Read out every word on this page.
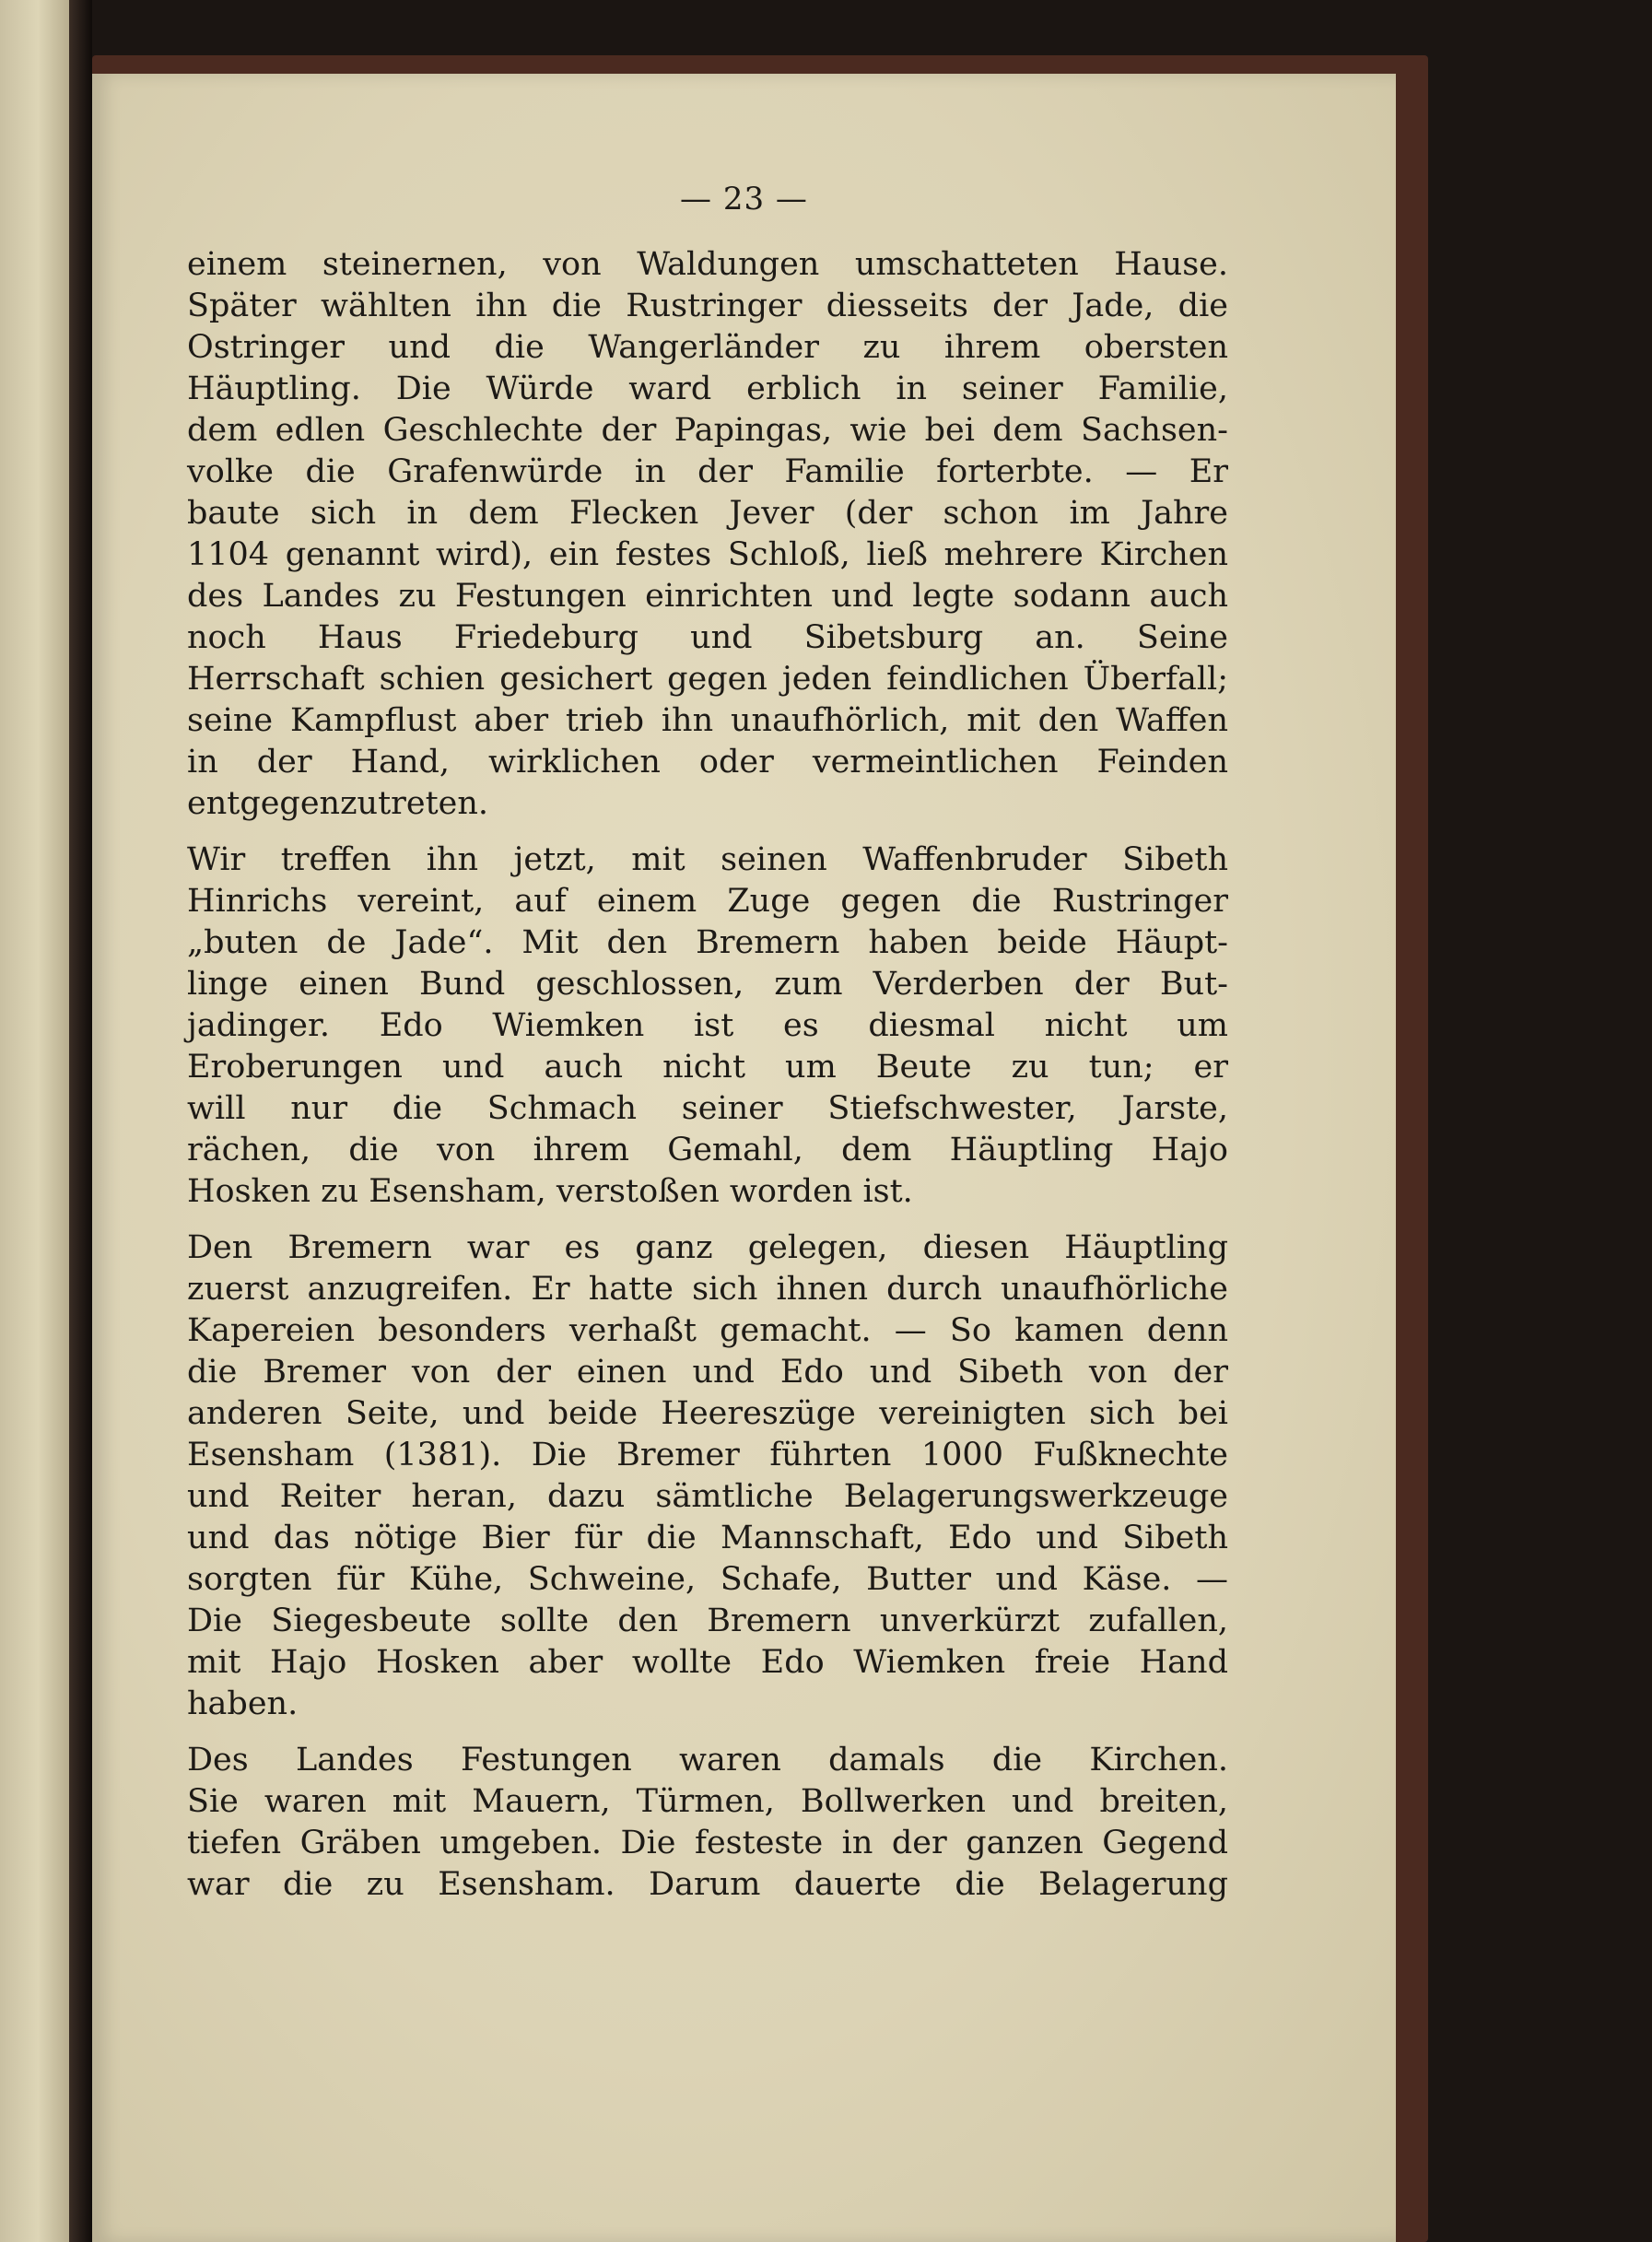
— 23 —

einem steinernen, von Waldungen umschatteten Hause.
Später wählten ihn die Rustringer diesseits der Jade, die
Ostringer und die Wangerländer zu ihrem obersten
Häuptling. Die Würde ward erblich in seiner Familie,
dem edlen Geschlechte der Papingas, wie bei dem Sachsen-
volke die Grafenwürde in der Familie forterbte. — Er
baute sich in dem Flecken Jever (der schon im Jahre
1104 genannt wird), ein festes Schloß, ließ mehrere Kirchen
des Landes zu Festungen einrichten und legte sodann auch
noch Haus Friedeburg und Sibetsburg an. Seine
Herrschaft schien gesichert gegen jeden feindlichen Überfall;
seine Kampflust aber trieb ihn unaufhörlich, mit den Waffen
in der Hand, wirklichen oder vermeintlichen Feinden
entgegenzutreten.

Wir treffen ihn jetzt, mit seinen Waffenbruder Sibeth
Hinrichs vereint, auf einem Zuge gegen die Rustringer
„buten de Jade“. Mit den Bremern haben beide Häupt-
linge einen Bund geschlossen, zum Verderben der But-
jadinger. Edo Wiemken ist es diesmal nicht um
Eroberungen und auch nicht um Beute zu tun; er
will nur die Schmach seiner Stiefschwester, Jarste,
rächen, die von ihrem Gemahl, dem Häuptling Hajo
Hosken zu Esensham, verstoßen worden ist.

Den Bremern war es ganz gelegen, diesen Häuptling
zuerst anzugreifen. Er hatte sich ihnen durch unaufhörliche
Kapereien besonders verhaßt gemacht. — So kamen denn
die Bremer von der einen und Edo und Sibeth von der
anderen Seite, und beide Heereszüge vereinigten sich bei
Esensham (1381). Die Bremer führten 1000 Fußknechte
und Reiter heran, dazu sämtliche Belagerungswerkzeuge
und das nötige Bier für die Mannschaft, Edo und Sibeth
sorgten für Kühe, Schweine, Schafe, Butter und Käse. —
Die Siegesbeute sollte den Bremern unverkürzt zufallen,
mit Hajo Hosken aber wollte Edo Wiemken freie Hand
haben.

Des Landes Festungen waren damals die Kirchen.
Sie waren mit Mauern, Türmen, Bollwerken und breiten,
tiefen Gräben umgeben. Die festeste in der ganzen Gegend
war die zu Esensham. Darum dauerte die Belagerung
